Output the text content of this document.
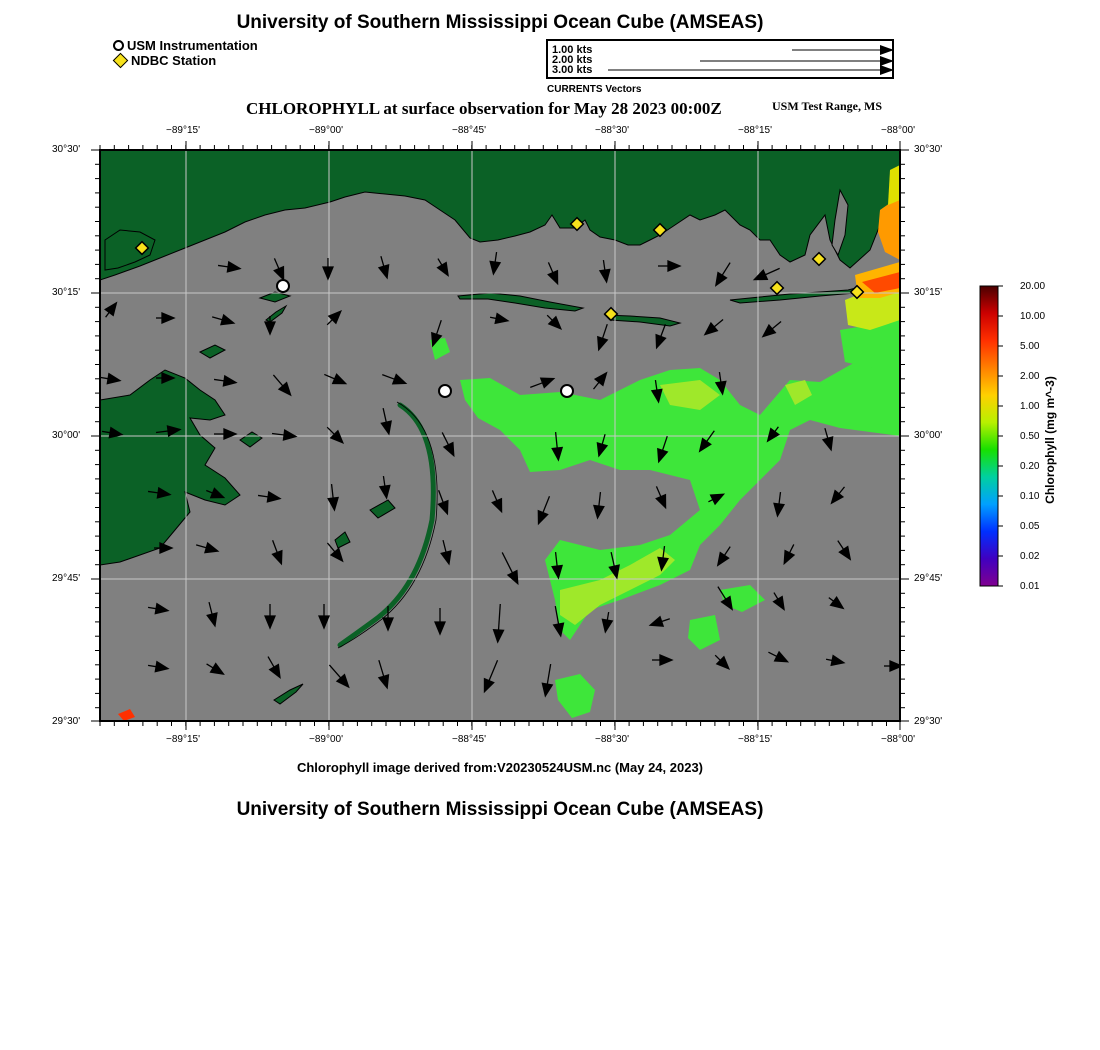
University of Southern Mississippi Ocean Cube (AMSEAS)
USM Instrumentation
NDBC Station
1.00 kts
2.00 kts
3.00 kts
CURRENTS Vectors
CHLOROPHYLL at surface observation for May 28 2023 00:00Z	USM Test Range, MS
−89°15'	−89°00'	−88°45'	−88°30'	−88°15'	−88°00'
−89°15'	−89°00'	−88°45'	−88°30'	−88°15'	−88°00'
30°30'
30°15'
30°00'
29°45'
29°30'
30°30'
30°15'
30°00'
29°45'
29°30'
20.00
10.00
5.00
2.00
1.00
0.50
0.20
0.10
0.05
0.02
0.01
Chlorophyll (mg m^-3)
Chlorophyll image derived from:V20230524USM.nc (May 24, 2023)
University of Southern Mississippi Ocean Cube (AMSEAS)
